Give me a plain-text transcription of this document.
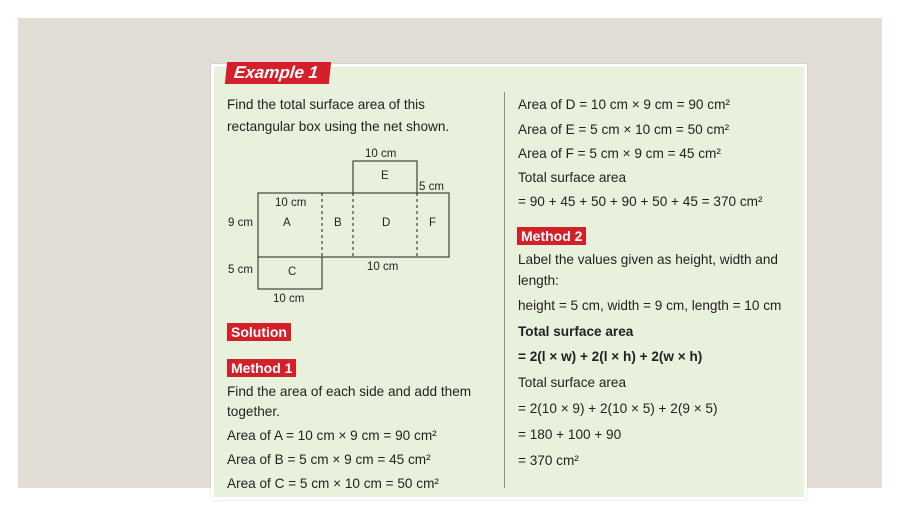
Example 1
Find the total surface area of this
rectangular box using the net shown.
A	B
C
D
E
F
10 cm
5 cm
10 cm
9 cm
5 cm
10 cm
10 cm
Solution
Method 1
Find the area of each side and add them
together.
Area of A = 10 cm × 9 cm = 90 cm²
Area of B = 5 cm × 9 cm = 45 cm²
Area of C = 5 cm × 10 cm = 50 cm²
Area of D = 10 cm × 9 cm = 90 cm²
Area of E = 5 cm × 10 cm = 50 cm²
Area of F = 5 cm × 9 cm = 45 cm²
Total surface area
= 90 + 45 + 50 + 90 + 50 + 45 = 370 cm²
Method 2
Label the values given as height, width and
length:
height = 5 cm, width = 9 cm, length = 10 cm
Total surface area
= 2(l × w) + 2(l × h) + 2(w × h)
Total surface area
= 2(10 × 9) + 2(10 × 5) + 2(9 × 5)
= 180 + 100 + 90
= 370 cm²
